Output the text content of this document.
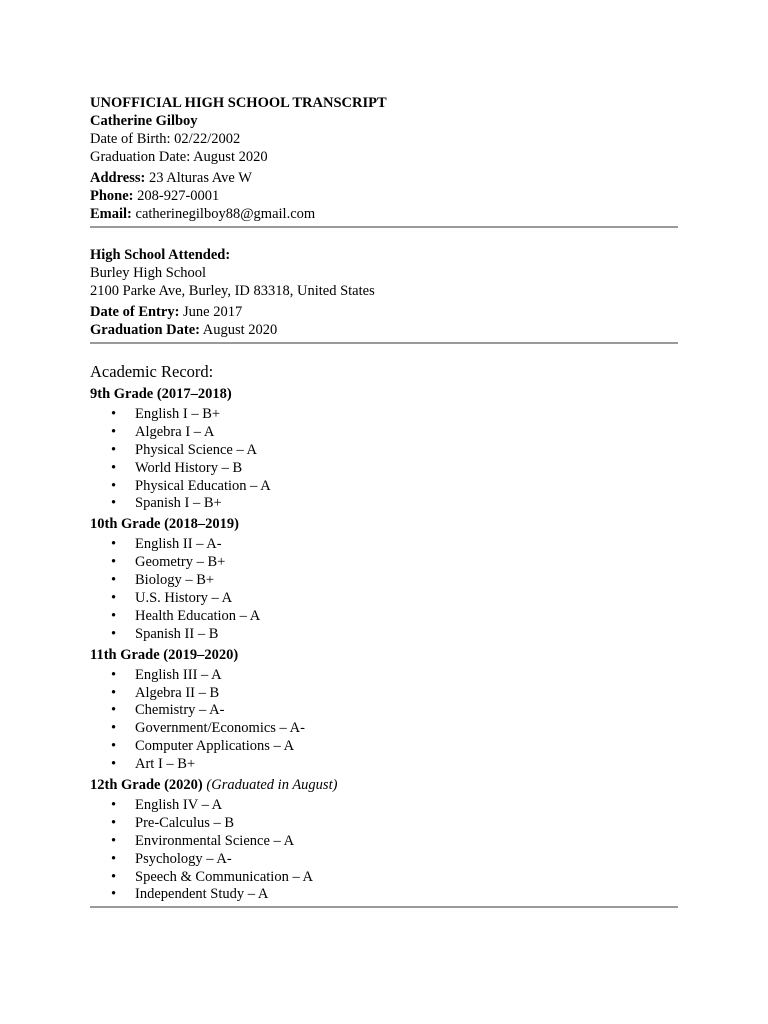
UNOFFICIAL HIGH SCHOOL TRANSCRIPT
Catherine Gilboy
Date of Birth: 02/22/2002
Graduation Date: August 2020
Address: 23 Alturas Ave W
Phone: 208-927-0001
Email: catherinegilboy88@gmail.com
High School Attended:
Burley High School
2100 Parke Ave, Burley, ID 83318, United States
Date of Entry: June 2017
Graduation Date: August 2020
Academic Record:
9th Grade (2017–2018)
• English I – B+
• Algebra I – A
• Physical Science – A
• World History – B
• Physical Education – A
• Spanish I – B+
10th Grade (2018–2019)
• English II – A-
• Geometry – B+
• Biology – B+
• U.S. History – A
• Health Education – A
• Spanish II – B
11th Grade (2019–2020)
• English III – A
• Algebra II – B
• Chemistry – A-
• Government/Economics – A-
• Computer Applications – A
• Art I – B+
12th Grade (2020) (Graduated in August)
• English IV – A
• Pre-Calculus – B
• Environmental Science – A
• Psychology – A-
• Speech & Communication – A
• Independent Study – A
